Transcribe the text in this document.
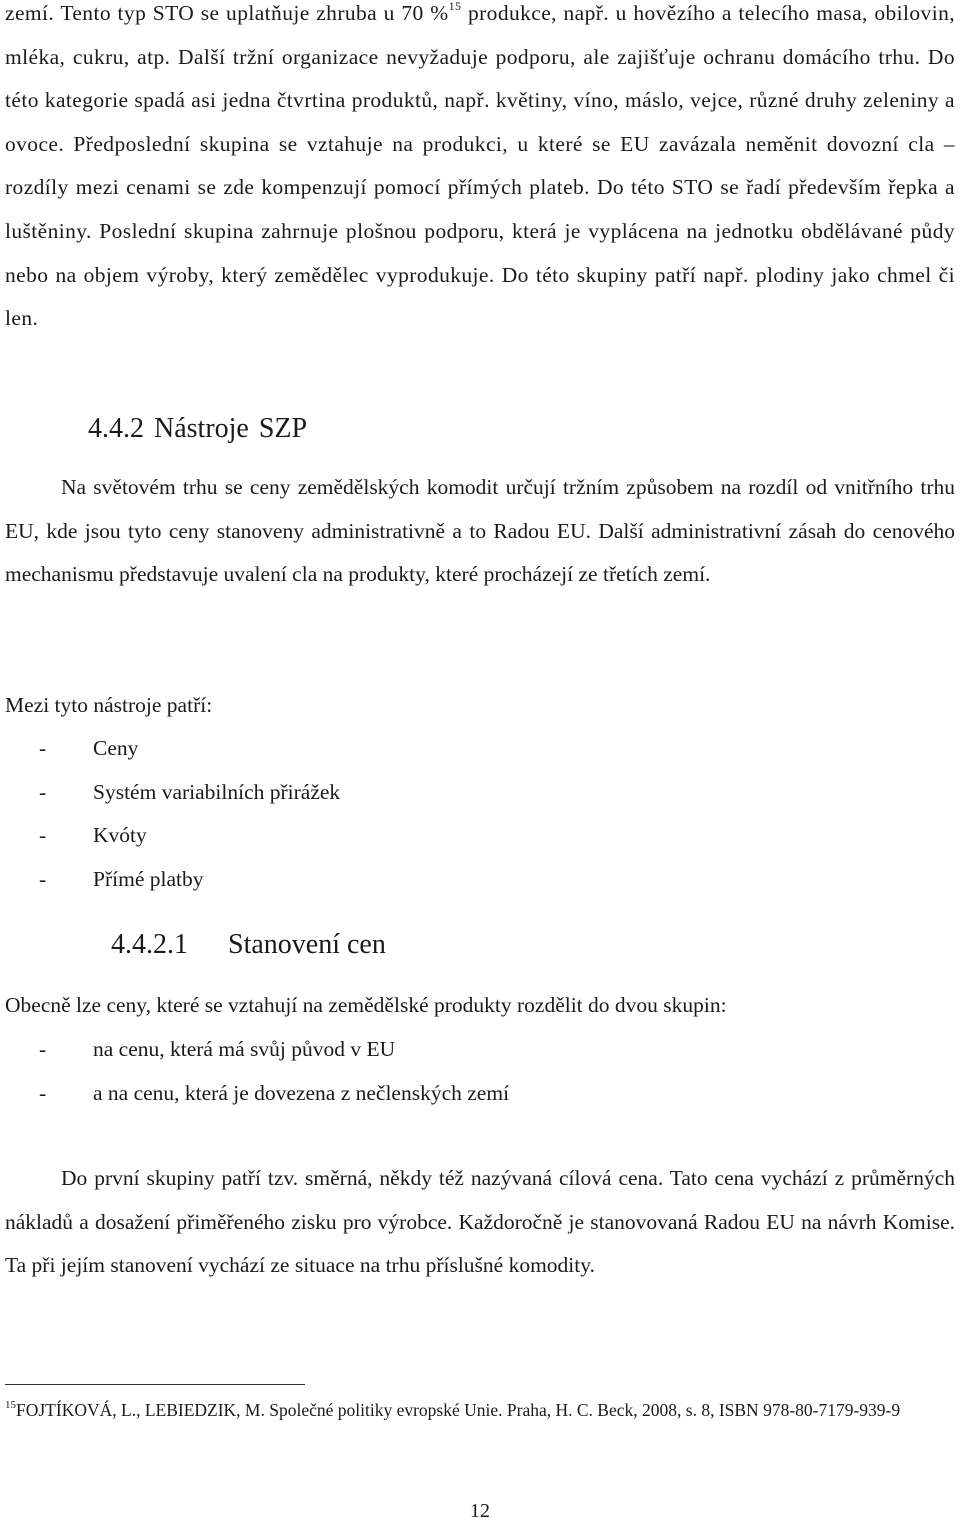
zemí. Tento typ STO se uplatňuje zhruba u 70 %$^{15}$ produkce, např. u hovězího a telecího masa, obilovin, mléka, cukru, atp. Další tržní organizace nevyžaduje podporu, ale zajišťuje ochranu domácího trhu. Do této kategorie spadá asi jedna čtvrtina produktů, např. květiny, víno, máslo, vejce, různé druhy zeleniny a ovoce. Předposlední skupina se vztahuje na produkci, u které se EU zavázala neměnit dovozní cla – rozdíly mezi cenami se zde kompenzují pomocí přímých plateb. Do této STO se řadí především řepka a luštěniny. Poslední skupina zahrnuje plošnou podporu, která je vyplácena na jednotku obdělávané půdy nebo na objem výroby, který zemědělec vyprodukuje. Do této skupiny patří např. plodiny jako chmel či len.

4.4.2 Nástroje SZP

Na světovém trhu se ceny zemědělských komodit určují tržním způsobem na rozdíl od vnitřního trhu EU, kde jsou tyto ceny stanoveny administrativně a to Radou EU. Další administrativní zásah do cenového mechanismu představuje uvalení cla na produkty, které procházejí ze třetích zemí.

Mezi tyto nástroje patří:

- Ceny
- Systém variabilních přirážek
- Kvóty
- Přímé platby
4.4.2.1 Stanovení cen

Obecně lze ceny, které se vztahují na zemědělské produkty rozdělit do dvou skupin:

- na cenu, která má svůj původ v EU
- a na cenu, která je dovezena z nečlenských zemí

Do první skupiny patří tzv. směrná, někdy též nazývaná cílová cena. Tato cena vychází z průměrných nákladů a dosažení přiměřeného zisku pro výrobce. Každoročně je stanovovaná Radou EU na návrh Komise. Ta při jejím stanovení vychází ze situace na trhu příslušné komodity.

$^{15}$FOJTÍKOVÁ, L., LEBIEDZIK, M. Společné politiky evropské Unie. Praha, H. C. Beck, 2008, s. 8, ISBN 978-80-7179-939-9

12
